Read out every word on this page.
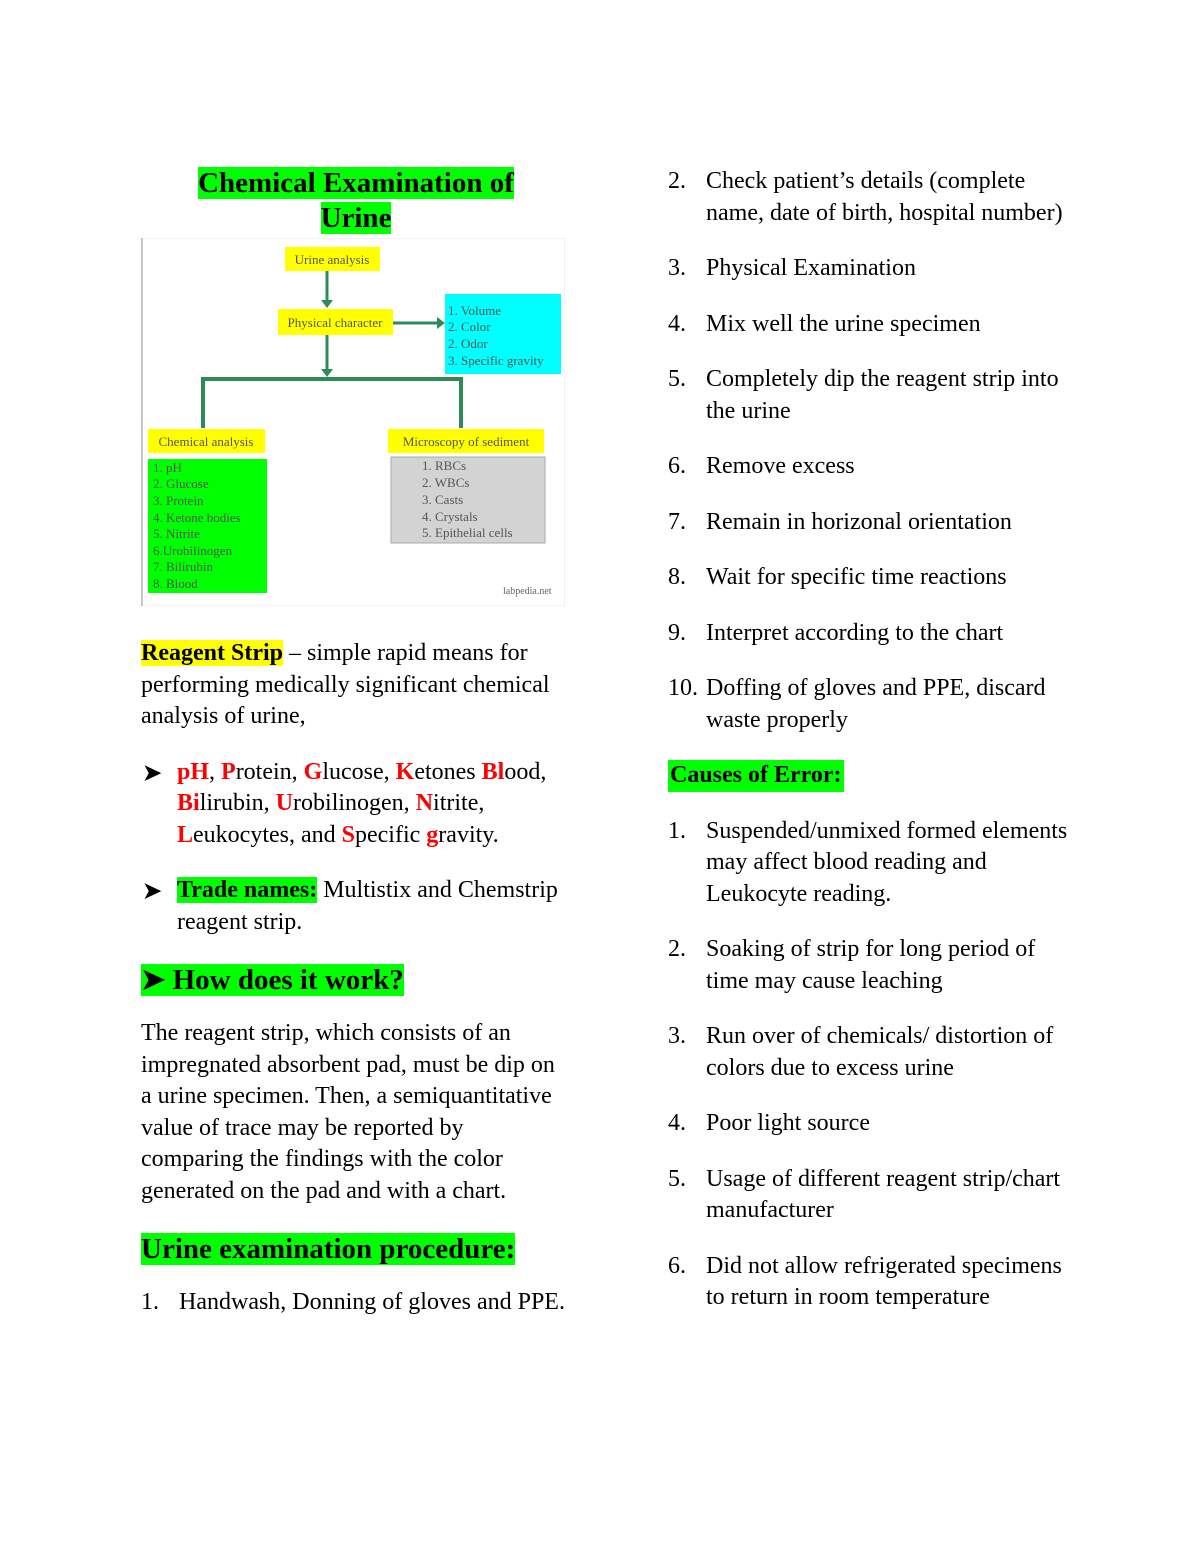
Chemical Examination of
Urine
Urine analysis
Physical character
1. Volume
2. Color
2. Odor
3. Specific gravity
Chemical analysis
1. pH
2. Glucose
3. Protein
4. Ketone bodies
5. Nitrite
6.Urobilinogen
7. Bilirubin
8. Blood
Microscopy of sediment
1. RBCs
2. WBCs
3. Casts
4. Crystals
5. Epithelial cells
labpedia.net

Reagent Strip – simple rapid means for performing medically significant chemical analysis of urine,

➤ pH, Protein, Glucose, Ketones Blood, Bilirubin, Urobilinogen, Nitrite, Leukocytes, and Specific gravity.
➤ Trade names: Multistix and Chemstrip reagent strip.
➤ How does it work?

The reagent strip, which consists of an impregnated absorbent pad, must be dip on a urine specimen. Then, a semiquantitative value of trace may be reported by comparing the findings with the color generated on the pad and with a chart.

Urine examination procedure:
1. Handwash, Donning of gloves and PPE.
2. Check patient’s details (complete name, date of birth, hospital number)
3. Physical Examination
4. Mix well the urine specimen
5. Completely dip the reagent strip into the urine
6. Remove excess
7. Remain in horizonal orientation
8. Wait for specific time reactions
9. Interpret according to the chart
10. Doffing of gloves and PPE, discard waste properly
Causes of Error:
1. Suspended/unmixed formed elements may affect blood reading and Leukocyte reading.
2. Soaking of strip for long period of time may cause leaching
3. Run over of chemicals/ distortion of colors due to excess urine
4. Poor light source
5. Usage of different reagent strip/chart manufacturer
6. Did not allow refrigerated specimens to return in room temperature
